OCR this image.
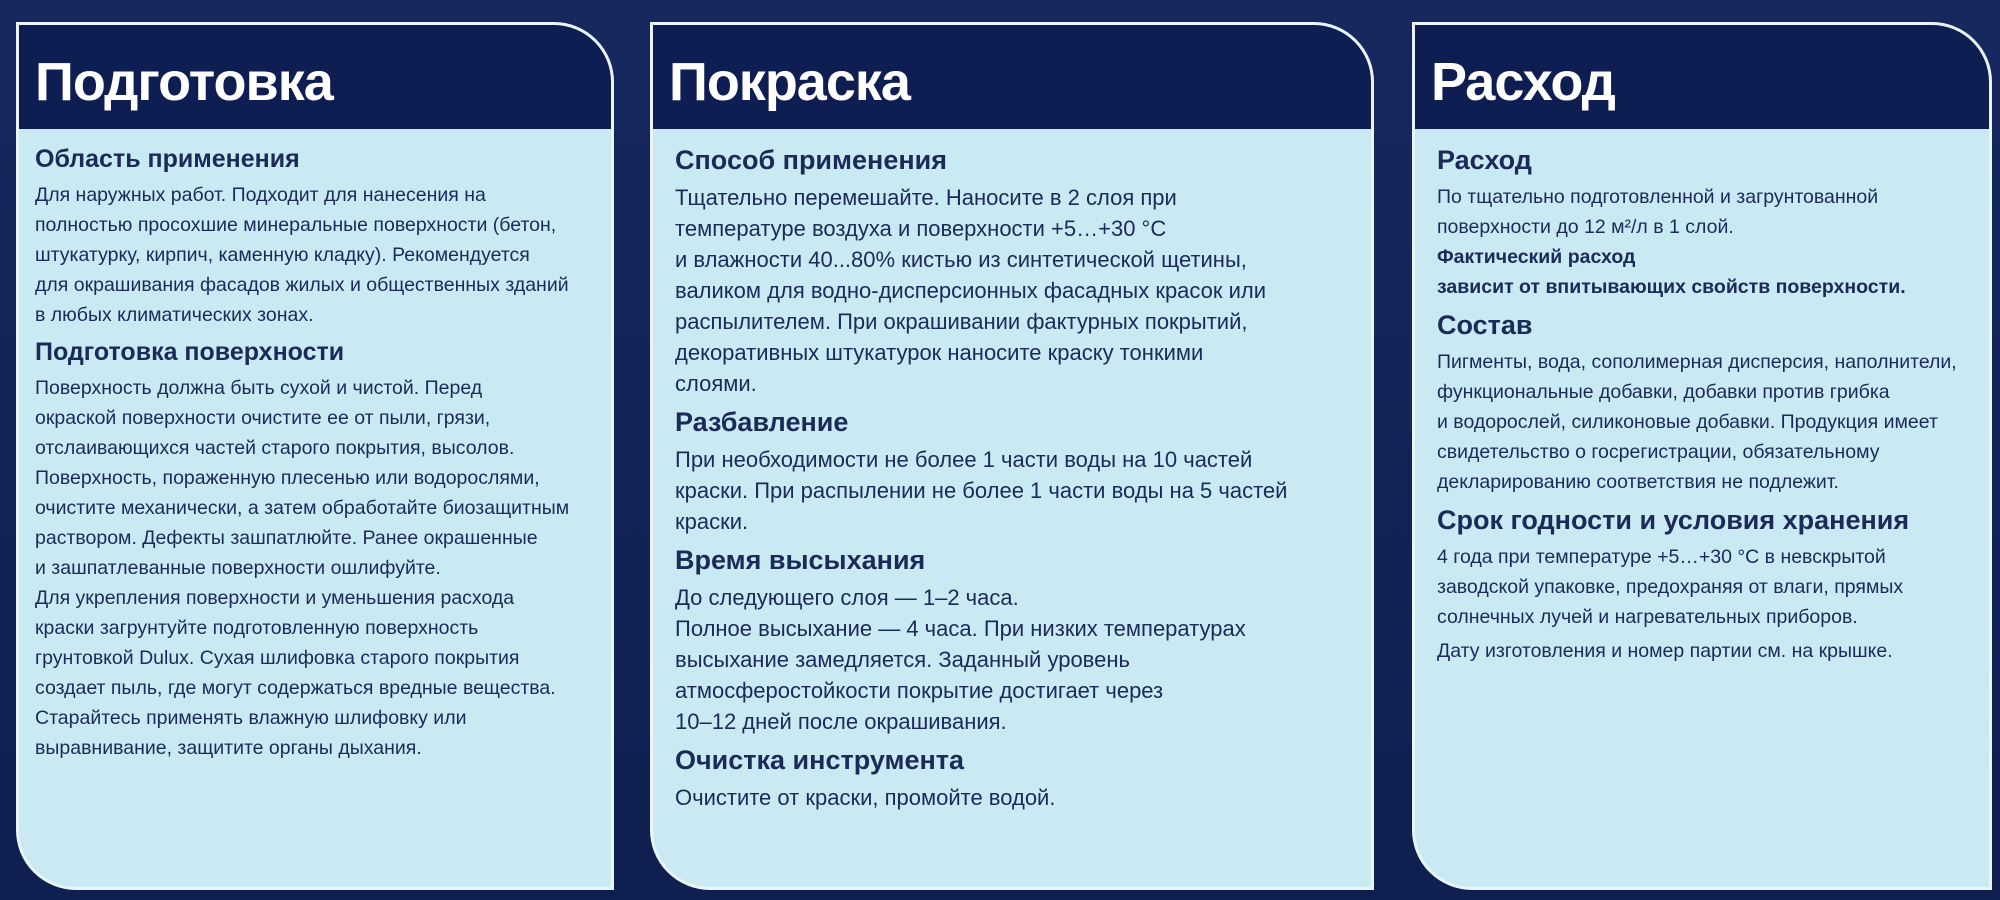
Подготовка
Область применения
Для наружных работ. Подходит для нанесения на
полностью просохшие минеральные поверхности (бетон,
штукатурку, кирпич, каменную кладку). Рекомендуется
для окрашивания фасадов жилых и общественных зданий
в любых климатических зонах.
Подготовка поверхности
Поверхность должна быть сухой и чистой. Перед
окраской поверхности очистите ее от пыли, грязи,
отслаивающихся частей старого покрытия, высолов.
Поверхность, пораженную плесенью или водорослями,
очистите механически, а затем обработайте биозащитным
раствором. Дефекты зашпатлюйте. Ранее окрашенные
и зашпатлеванные поверхности ошлифуйте.
Для укрепления поверхности и уменьшения расхода
краски загрунтуйте подготовленную поверхность
грунтовкой Dulux. Сухая шлифовка старого покрытия
создает пыль, где могут содержаться вредные вещества.
Старайтесь применять влажную шлифовку или
выравнивание, защитите органы дыхания.
Покраска
Способ применения
Тщательно перемешайте. Наносите в 2 слоя при
температуре воздуха и поверхности +5…+30 °С
и влажности 40...80% кистью из синтетической щетины,
валиком для водно-дисперсионных фасадных красок или
распылителем. При окрашивании фактурных покрытий,
декоративных штукатурок наносите краску тонкими
слоями.
Разбавление
При необходимости не более 1 части воды на 10 частей
краски. При распылении не более 1 части воды на 5 частей
краски.
Время высыхания
До следующего слоя — 1–2 часа.
Полное высыхание — 4 часа. При низких температурах
высыхание замедляется. Заданный уровень
атмосферостойкости покрытие достигает через
10–12 дней после окрашивания.
Очистка инструмента
Очистите от краски, промойте водой.
Расход
Расход
По тщательно подготовленной и загрунтованной
поверхности до 12 м²/л в 1 слой.
Фактический расход
зависит от впитывающих свойств поверхности.
Состав
Пигменты, вода, сополимерная дисперсия, наполнители,
функциональные добавки, добавки против грибка
и водорослей, силиконовые добавки. Продукция имеет
свидетельство о госрегистрации, обязательному
декларированию соответствия не подлежит.
Срок годности и условия хранения
4 года при температуре +5…+30 °С в невскрытой
заводской упаковке, предохраняя от влаги, прямых
солнечных лучей и нагревательных приборов.
Дату изготовления и номер партии см. на крышке.
